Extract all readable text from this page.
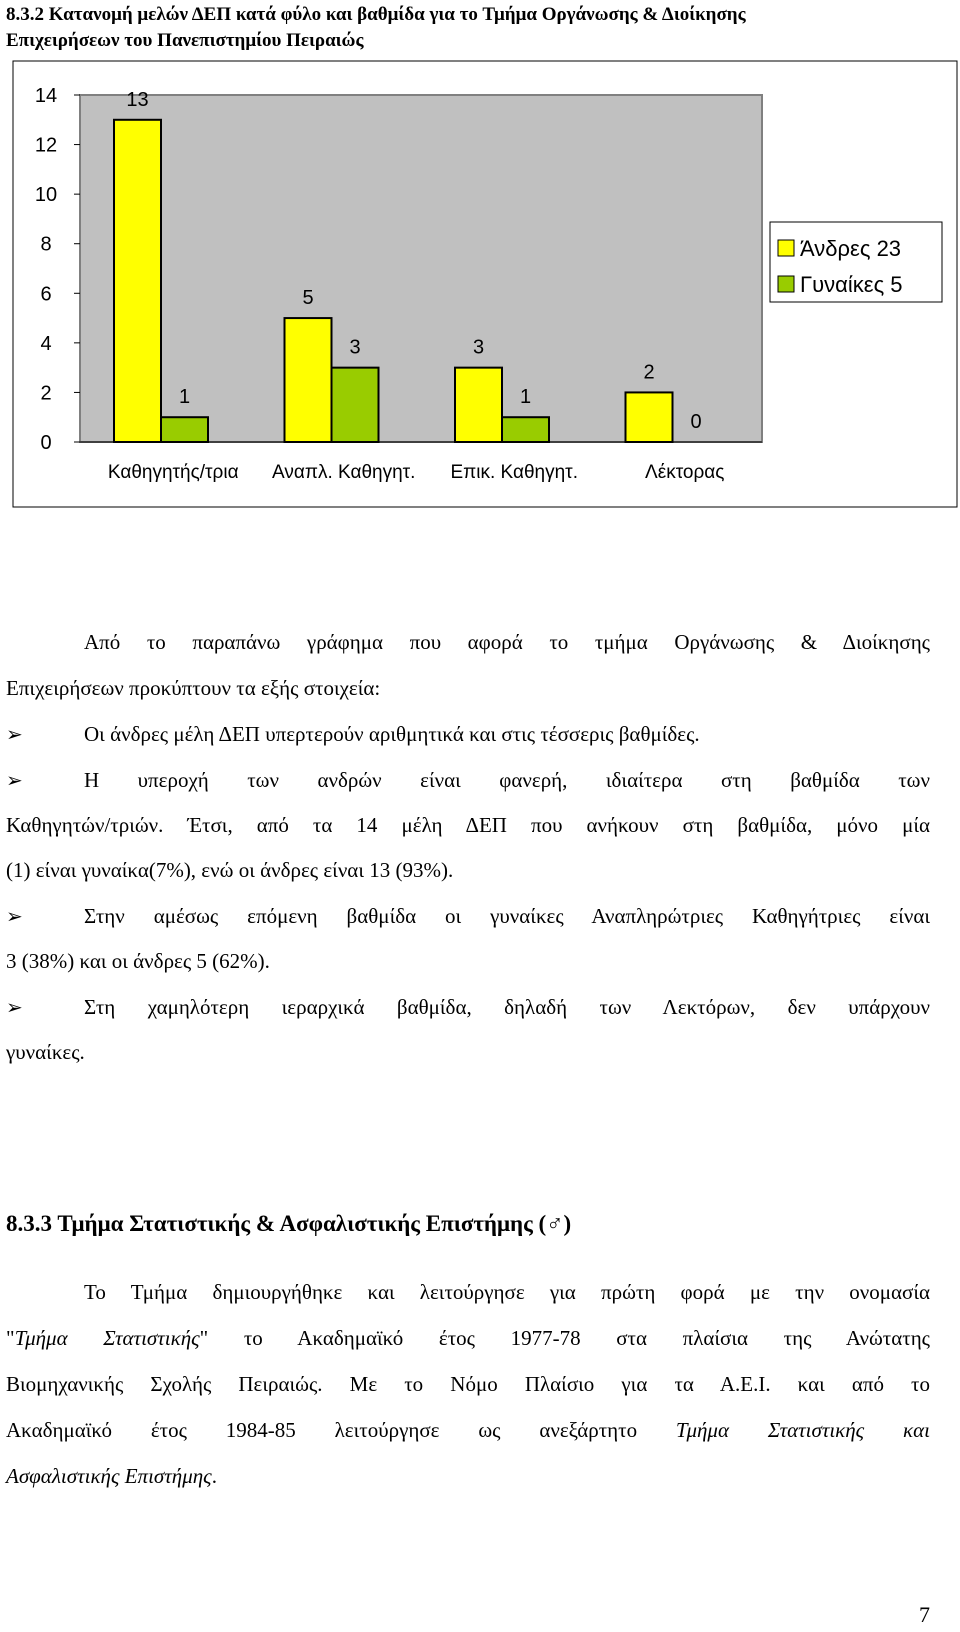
8.3.2 Κατανομή μελών ΔΕΠ κατά φύλο και βαθμίδα για το Τμήμα Οργάνωσης & Διοίκησης
Επιχειρήσεων του Πανεπιστημίου Πειραιώς
0
2
4
6
8
10
12
14	13
1
5
3	3
1
2
0
Καθηγητής/τρια Αναπλ. Καθηγητ. Επικ. Καθηγητ.	Λέκτορας
Άνδρες 23
Γυναίκες 5
Από το παραπάνω γράφημα που αφορά το τμήμα Οργάνωσης & Διοίκησης
Επιχειρήσεων προκύπτουν τα εξής στοιχεία:
➢	Οι άνδρες μέλη ΔΕΠ υπερτερούν αριθμητικά και στις τέσσερις βαθμίδες.
➢	Η υπεροχή των ανδρών είναι φανερή, ιδιαίτερα στη βαθμίδα των
Καθηγητών/τριών. Έτσι, από τα 14 μέλη ΔΕΠ που ανήκουν στη βαθμίδα, μόνο μία
(1) είναι γυναίκα(7%), ενώ οι άνδρες είναι 13 (93%).
➢	Στην αμέσως επόμενη βαθμίδα οι γυναίκες Αναπληρώτριες Καθηγήτριες είναι
3 (38%) και οι άνδρες 5 (62%).
➢	Στη χαμηλότερη ιεραρχικά βαθμίδα, δηλαδή των Λεκτόρων, δεν υπάρχουν
γυναίκες.
8.3.3 Τμήμα Στατιστικής & Ασφαλιστικής Επιστήμης (♂)
Το Τμήμα δημιουργήθηκε και λειτούργησε για πρώτη φορά με την ονομασία
"Τμήμα Στατιστικής" το Ακαδημαϊκό έτος 1977-78 στα πλαίσια της Ανώτατης
Βιομηχανικής Σχολής Πειραιώς. Με το Νόμο Πλαίσιο για τα Α.Ε.Ι. και από το
Ακαδημαϊκό έτος 1984-85 λειτούργησε ως ανεξάρτητο Τμήμα Στατιστικής και
Ασφαλιστικής Επιστήμης.
7
